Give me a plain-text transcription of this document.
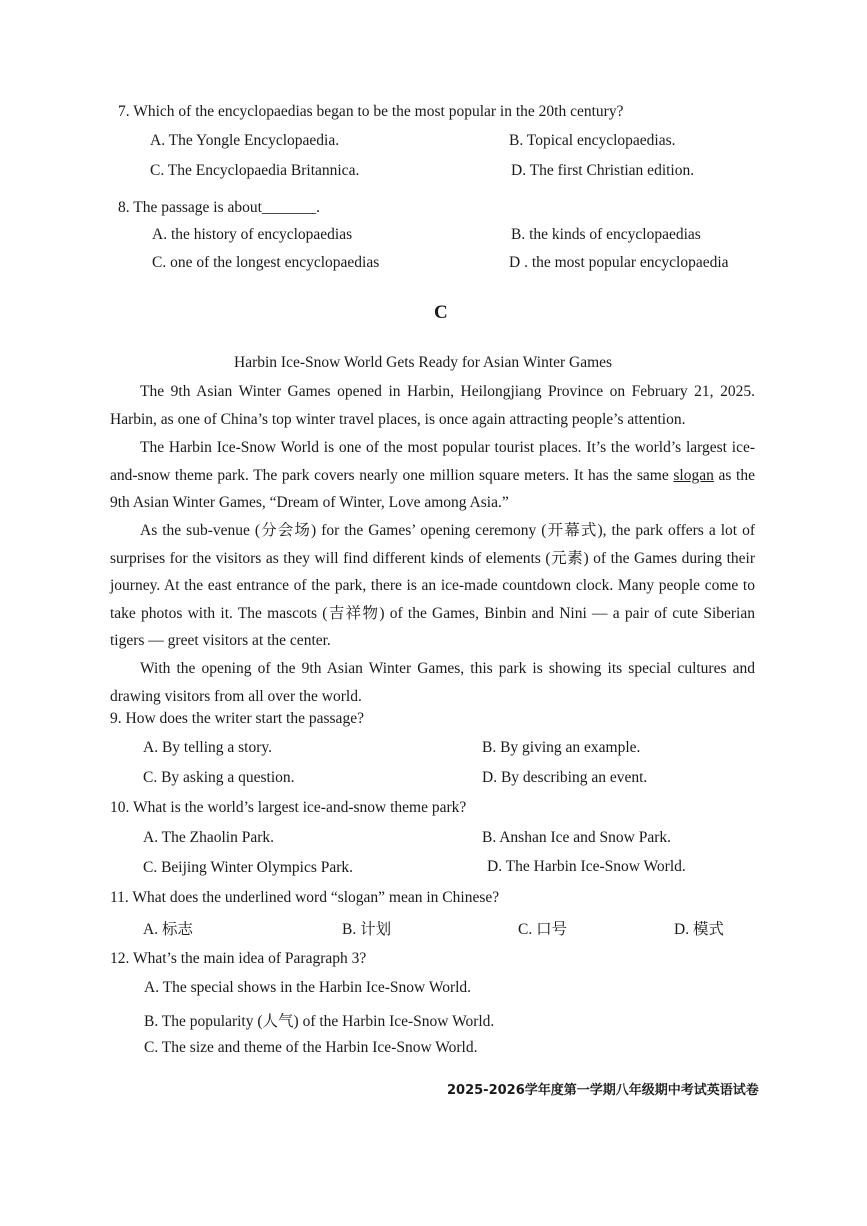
7. Which of the encyclopaedias began to be the most popular in the 20th century?
A. The Yongle Encyclopaedia.	B. Topical encyclopaedias.
C. The Encyclopaedia Britannica.	D. The first Christian edition.
8. The passage is about_______.
A. the history of encyclopaedias	B. the kinds of encyclopaedias
C. one of the longest encyclopaedias	D . the most popular encyclopaedia
C
Harbin Ice-Snow World Gets Ready for Asian Winter Games
The 9th Asian Winter Games opened in Harbin, Heilongjiang Province on February 21, 2025. Harbin, as one of China’s top winter travel places, is once again attracting people’s attention.
The Harbin Ice-Snow World is one of the most popular tourist places. It’s the world’s largest ice-and-snow theme park. The park covers nearly one million square meters. It has the same slogan as the 9th Asian Winter Games, “Dream of Winter, Love among Asia.”
As the sub-venue (分会场) for the Games’ opening ceremony (开幕式), the park offers a lot of surprises for the visitors as they will find different kinds of elements (元素) of the Games during their journey. At the east entrance of the park, there is an ice-made countdown clock. Many people come to take photos with it. The mascots (吉祥物) of the Games, Binbin and Nini — a pair of cute Siberian tigers — greet visitors at the center.
With the opening of the 9th Asian Winter Games, this park is showing its special cultures and drawing visitors from all over the world.
9. How does the writer start the passage?
A. By telling a story.	B. By giving an example.
C. By asking a question.	D. By describing an event.
10. What is the world’s largest ice-and-snow theme park?
A. The Zhaolin Park.	B. Anshan Ice and Snow Park.
C. Beijing Winter Olympics Park.	D. The Harbin Ice-Snow World.
11. What does the underlined word “slogan” mean in Chinese?
A. 标志	B. 计划	C. 口号	D. 模式
12. What’s the main idea of Paragraph 3?
A. The special shows in the Harbin Ice-Snow World.
B. The popularity (人气) of the Harbin Ice-Snow World.
C. The size and theme of the Harbin Ice-Snow World.
2025-2026学年度第一学期八年级期中考试英语试卷
